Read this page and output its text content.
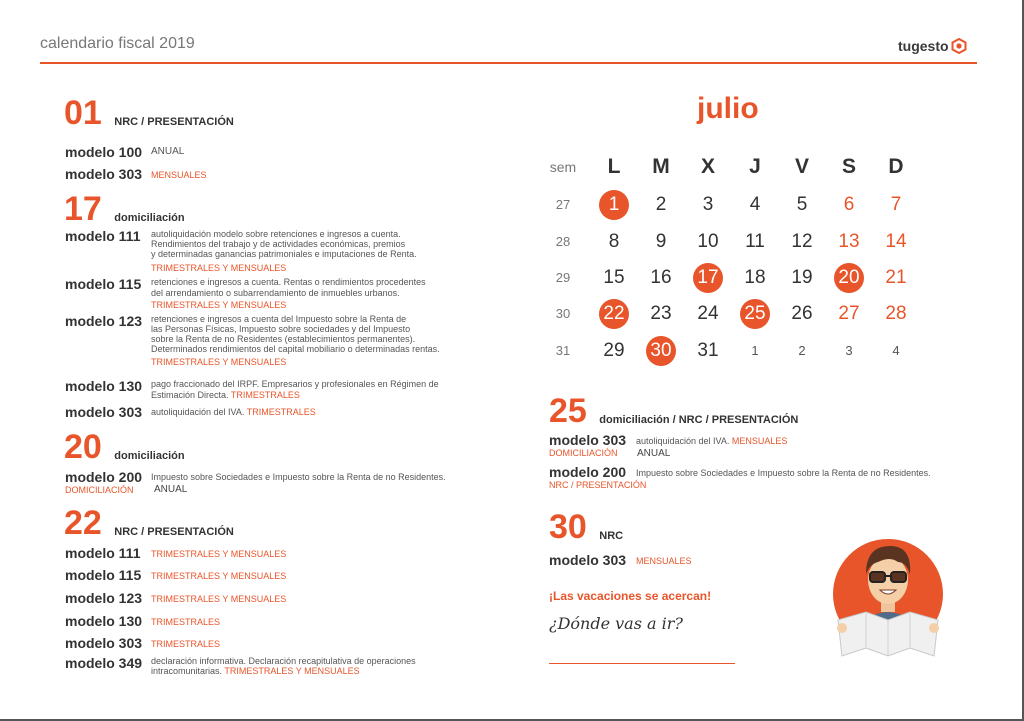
calendario fiscal 2019	tugesto
01 NRC / PRESENTACIÓN
modelo 100 ANUAL
modelo 303 MENSUALES
17 domiciliación
modelo 111 autoliquidación modelo sobre retenciones e ingresos a cuenta.
Rendimientos del trabajo y de actividades económicas, premios
y determinadas ganancias patrimoniales e imputaciones de Renta.
TRIMESTRALES Y MENSUALES
modelo 115 retenciones e ingresos a cuenta. Rentas o rendimientos procedentes
del arrendamiento o subarrendamiento de inmuebles urbanos.
TRIMESTRALES Y MENSUALES
modelo 123 retenciones e ingresos a cuenta del Impuesto sobre la Renta de
las Personas Físicas, Impuesto sobre sociedades y del Impuesto
sobre la Renta de no Residentes (establecimientos permanentes).
Determinados rendimientos del capital mobiliario o determinadas rentas.
TRIMESTRALES Y MENSUALES
modelo 130 pago fraccionado del IRPF. Empresarios y profesionales en Régimen de
Estimación Directa. TRIMESTRALES
modelo 303 autoliquidación del IVA. TRIMESTRALES
20 domiciliación
modelo 200 Impuesto sobre Sociedades e Impuesto sobre la Renta de no Residentes.
DOMICILIACIÓN ANUAL
22 NRC / PRESENTACIÓN
modelo 111 TRIMESTRALES Y MENSUALES
modelo 115 TRIMESTRALES Y MENSUALES
modelo 123 TRIMESTRALES Y MENSUALES
modelo 130 TRIMESTRALES
modelo 303 TRIMESTRALES
modelo 349 declaración informativa. Declaración recapitulativa de operaciones
intracomunitarias. TRIMESTRALES Y MENSUALES
julio
sem	L	M	X	J	V	S	D
27	1	2	3	4	5	6	7
28	8	9	10	11	12	13	14
29	15	16	17	18	19	20	21
30	22	23	24	25	26	27	28
31	29	30	31	1	2	3	4
25 domiciliación / NRC / PRESENTACIÓN
modelo 303 autoliquidación del IVA. MENSUALES
DOMICILIACIÓN ANUAL
modelo 200 Impuesto sobre Sociedades e Impuesto sobre la Renta de no Residentes.
NRC / PRESENTACIÓN
30 NRC
modelo 303 MENSUALES
¡Las vacaciones se acercan!
¿Dónde vas a ir?
